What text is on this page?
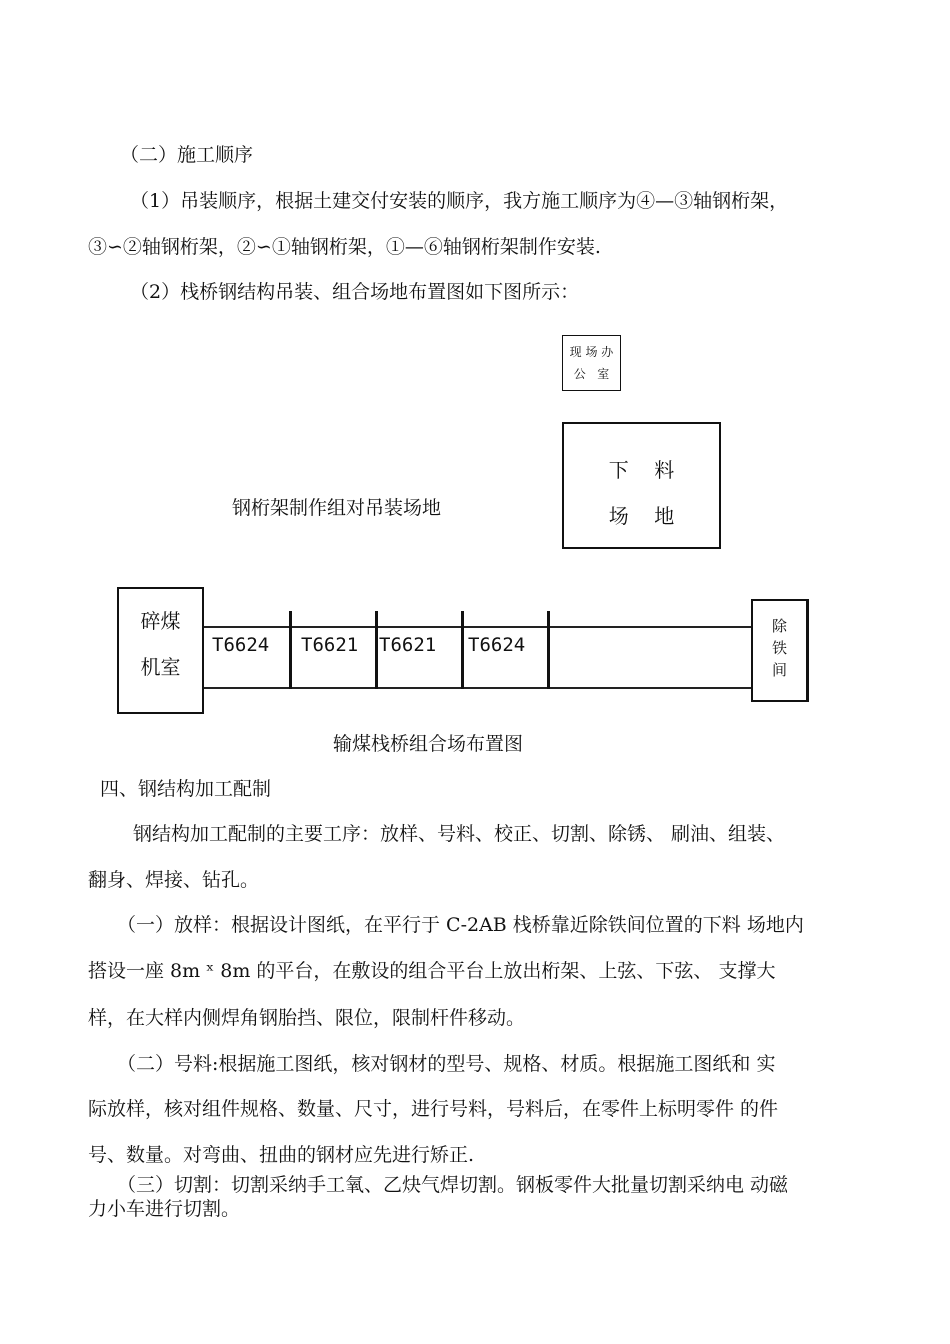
（二）施工顺序
（1）吊装顺序，根据土建交付安装的顺序，我方施工顺序为④—③轴钢桁架，
③∽②轴钢桁架，②∽①轴钢桁架，①—⑥轴钢桁架制作安装.
（2）栈桥钢结构吊装、组合场地布置图如下图所示：
现 场 办
公   室
下    料
场    地
钢桁架制作组对吊装场地
碎煤
机室
T6624 T6621 T6621 T6624
除
铁
间
输煤栈桥组合场布置图
四、钢结构加工配制
钢结构加工配制的主要工序：放样、号料、校正、切割、除锈、 刷油、组装、
翻身、焊接、钻孔。
（一）放样：根据设计图纸，在平行于 C-2AB 栈桥靠近除铁间位置的下料 场地内
搭设一座 8m ˣ 8m 的平台，在敷设的组合平台上放出桁架、上弦、下弦、 支撑大
样，在大样内侧焊角钢胎挡、限位，限制杆件移动。
（二）号料:根据施工图纸，核对钢材的型号、规格、材质。根据施工图纸和 实
际放样，核对组件规格、数量、尺寸，进行号料，号料后，在零件上标明零件 的件
号、数量。对弯曲、扭曲的钢材应先进行矫正.
（三）切割：切割采纳手工氧、乙炔气焊切割。钢板零件大批量切割采纳电 动磁
力小车进行切割。
